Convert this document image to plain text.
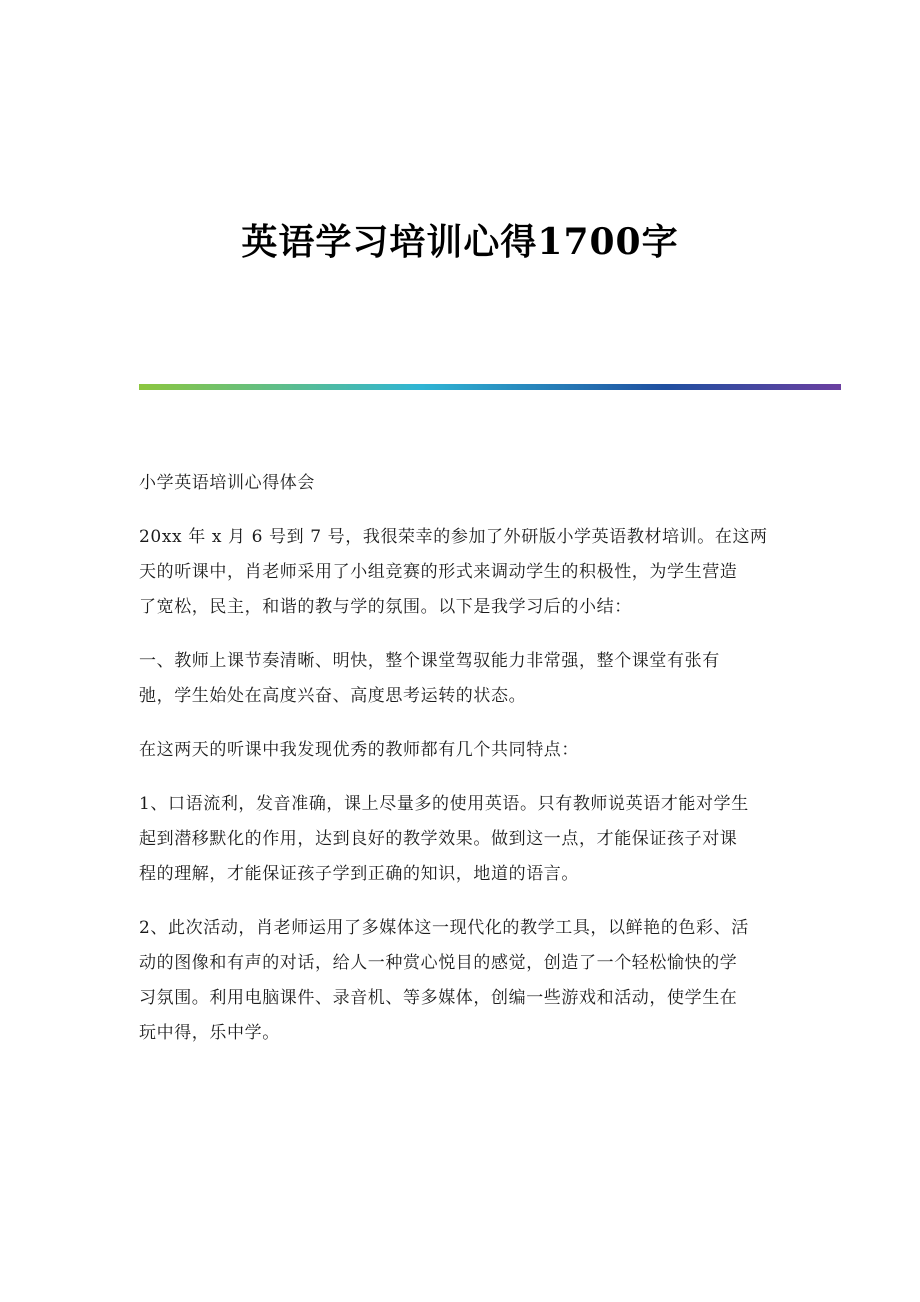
英语学习培训心得1700字

小学英语培训心得体会

20xx 年 x 月 6 号到 7 号，我很荣幸的参加了外研版小学英语教材培训。在这两
天的听课中，肖老师采用了小组竞赛的形式来调动学生的积极性，为学生营造
了宽松，民主，和谐的教与学的氛围。以下是我学习后的小结：

一、教师上课节奏清晰、明快，整个课堂驾驭能力非常强，整个课堂有张有
弛，学生始处在高度兴奋、高度思考运转的状态。

在这两天的听课中我发现优秀的教师都有几个共同特点：

1、口语流利，发音准确，课上尽量多的使用英语。只有教师说英语才能对学生
起到潜移默化的作用，达到良好的教学效果。做到这一点，才能保证孩子对课
程的理解，才能保证孩子学到正确的知识，地道的语言。

2、此次活动，肖老师运用了多媒体这一现代化的教学工具，以鲜艳的色彩、活
动的图像和有声的对话，给人一种赏心悦目的感觉，创造了一个轻松愉快的学
习氛围。利用电脑课件、录音机、等多媒体，创编一些游戏和活动，使学生在
玩中得，乐中学。
